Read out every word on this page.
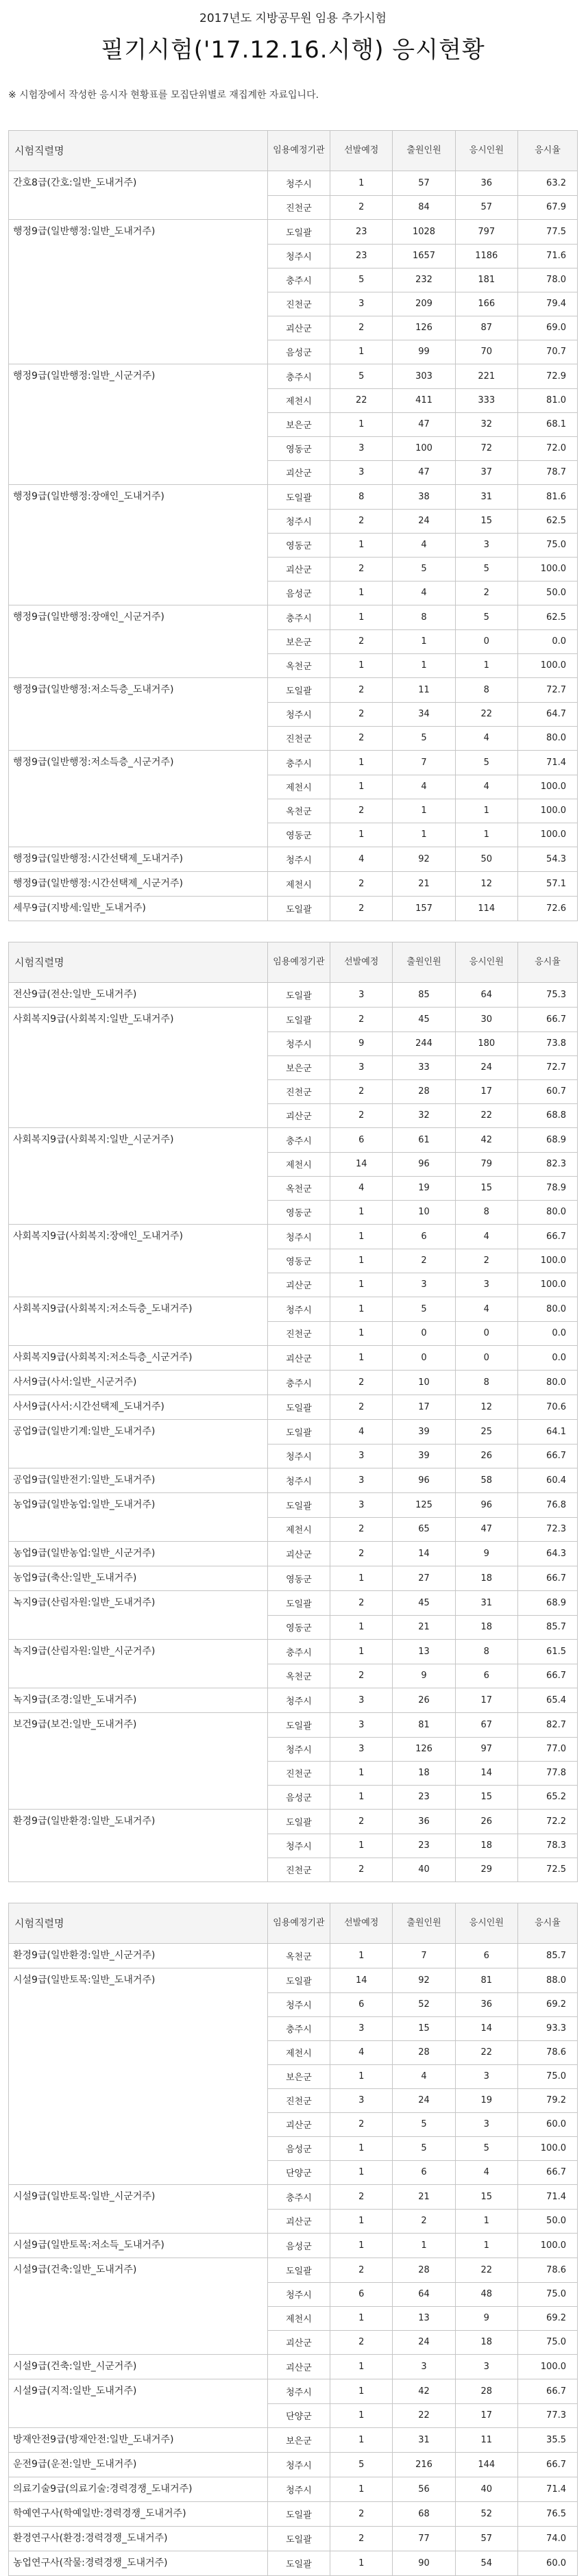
2017년도 지방공무원 임용 추가시험
필기시험('17.12.16.시행) 응시현황
※ 시험장에서 작성한 응시자 현황표를 모집단위별로 재집계한 자료입니다.
시험직렬명	임용예정기관	선발예정	출원인원	응시인원	응시율
간호8급(간호:일반_도내거주)	청주시	1	57	36	63.2
	진천군	2	84	57	67.9
행정9급(일반행정:일반_도내거주)	도일괄	23	1028	797	77.5
	청주시	23	1657	1186	71.6
	충주시	5	232	181	78.0
	진천군	3	209	166	79.4
	괴산군	2	126	87	69.0
	음성군	1	99	70	70.7
행정9급(일반행정:일반_시군거주)	충주시	5	303	221	72.9
	제천시	22	411	333	81.0
	보은군	1	47	32	68.1
	영동군	3	100	72	72.0
	괴산군	3	47	37	78.7
행정9급(일반행정:장애인_도내거주)	도일괄	8	38	31	81.6
	청주시	2	24	15	62.5
	영동군	1	4	3	75.0
	괴산군	2	5	5	100.0
	음성군	1	4	2	50.0
행정9급(일반행정:장애인_시군거주)	충주시	1	8	5	62.5
	보은군	2	1	0	0.0
	옥천군	1	1	1	100.0
행정9급(일반행정:저소득층_도내거주)	도일괄	2	11	8	72.7
	청주시	2	34	22	64.7
	진천군	2	5	4	80.0
행정9급(일반행정:저소득층_시군거주)	충주시	1	7	5	71.4
	제천시	1	4	4	100.0
	옥천군	2	1	1	100.0
	영동군	1	1	1	100.0
행정9급(일반행정:시간선택제_도내거주)	청주시	4	92	50	54.3
행정9급(일반행정:시간선택제_시군거주)	제천시	2	21	12	57.1
세무9급(지방세:일반_도내거주)	도일괄	2	157	114	72.6
시험직렬명	임용예정기관	선발예정	출원인원	응시인원	응시율
전산9급(전산:일반_도내거주)	도일괄	3	85	64	75.3
사회복지9급(사회복지:일반_도내거주)	도일괄	2	45	30	66.7
	청주시	9	244	180	73.8
	보은군	3	33	24	72.7
	진천군	2	28	17	60.7
	괴산군	2	32	22	68.8
사회복지9급(사회복지:일반_시군거주)	충주시	6	61	42	68.9
	제천시	14	96	79	82.3
	옥천군	4	19	15	78.9
	영동군	1	10	8	80.0
사회복지9급(사회복지:장애인_도내거주)	청주시	1	6	4	66.7
	영동군	1	2	2	100.0
	괴산군	1	3	3	100.0
사회복지9급(사회복지:저소득층_도내거주)	청주시	1	5	4	80.0
	진천군	1	0	0	0.0
사회복지9급(사회복지:저소득층_시군거주)	괴산군	1	0	0	0.0
사서9급(사서:일반_시군거주)	충주시	2	10	8	80.0
사서9급(사서:시간선택제_도내거주)	도일괄	2	17	12	70.6
공업9급(일반기계:일반_도내거주)	도일괄	4	39	25	64.1
	청주시	3	39	26	66.7
공업9급(일반전기:일반_도내거주)	청주시	3	96	58	60.4
농업9급(일반농업:일반_도내거주)	도일괄	3	125	96	76.8
	제천시	2	65	47	72.3
농업9급(일반농업:일반_시군거주)	괴산군	2	14	9	64.3
농업9급(축산:일반_도내거주)	영동군	1	27	18	66.7
녹지9급(산림자원:일반_도내거주)	도일괄	2	45	31	68.9
	영동군	1	21	18	85.7
녹지9급(산림자원:일반_시군거주)	충주시	1	13	8	61.5
	옥천군	2	9	6	66.7
녹지9급(조경:일반_도내거주)	청주시	3	26	17	65.4
보건9급(보건:일반_도내거주)	도일괄	3	81	67	82.7
	청주시	3	126	97	77.0
	진천군	1	18	14	77.8
	음성군	1	23	15	65.2
환경9급(일반환경:일반_도내거주)	도일괄	2	36	26	72.2
	청주시	1	23	18	78.3
	진천군	2	40	29	72.5
시험직렬명	임용예정기관	선발예정	출원인원	응시인원	응시율
환경9급(일반환경:일반_시군거주)	옥천군	1	7	6	85.7
시설9급(일반토목:일반_도내거주)	도일괄	14	92	81	88.0
	청주시	6	52	36	69.2
	충주시	3	15	14	93.3
	제천시	4	28	22	78.6
	보은군	1	4	3	75.0
	진천군	3	24	19	79.2
	괴산군	2	5	3	60.0
	음성군	1	5	5	100.0
	단양군	1	6	4	66.7
시설9급(일반토목:일반_시군거주)	충주시	2	21	15	71.4
	괴산군	1	2	1	50.0
시설9급(일반토목:저소득_도내거주)	음성군	1	1	1	100.0
시설9급(건축:일반_도내거주)	도일괄	2	28	22	78.6
	청주시	6	64	48	75.0
	제천시	1	13	9	69.2
	괴산군	2	24	18	75.0
시설9급(건축:일반_시군거주)	괴산군	1	3	3	100.0
시설9급(지적:일반_도내거주)	청주시	1	42	28	66.7
	단양군	1	22	17	77.3
방재안전9급(방재안전:일반_도내거주)	보은군	1	31	11	35.5
운전9급(운전:일반_도내거주)	청주시	5	216	144	66.7
의료기술9급(의료기술:경력경쟁_도내거주)	청주시	1	56	40	71.4
학예연구사(학예일반:경력경쟁_도내거주)	도일괄	2	68	52	76.5
환경연구사(환경:경력경쟁_도내거주)	도일괄	2	77	57	74.0
농업연구사(작물:경력경쟁_도내거주)	도일괄	1	90	54	60.0
